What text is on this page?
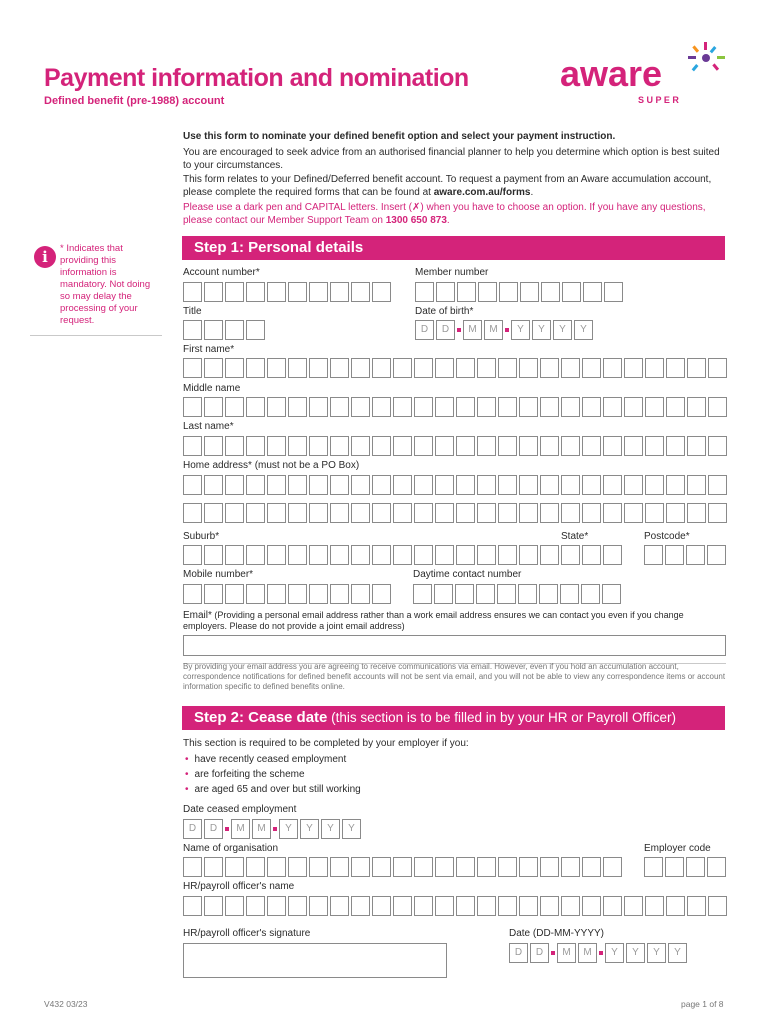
Payment information and nomination
Defined benefit (pre-1988) account
aware
S U P E R
Use this form to nominate your defined benefit option and select your payment instruction.
You are encouraged to seek advice from an authorised financial planner to help you determine which option is best suited to your circumstances.
This form relates to your Defined/Deferred benefit account. To request a payment from an Aware accumulation account, please complete the required forms that can be found at aware.com.au/forms.
Please use a dark pen and CAPITAL letters. Insert (✗) when you have to choose an option. If you have any questions, please contact our Member Support Team on 1300 650 873.
i	* Indicates that providing this information is mandatory. Not doing so may delay the processing of your request.
Step 1: Personal details
Account number*	Member number
Title	Date of birth*
D	D	M	M	Y	Y	Y	Y
First name*
Middle name
Last name*
Home address* (must not be a PO Box)
Suburb*	State*	Postcode*
Mobile number*	Daytime contact number
Email* (Providing a personal email address rather than a work email address ensures we can contact you even if you change employers. Please do not provide a joint email address)
By providing your email address you are agreeing to receive communications via email. However, even if you hold an accumulation account, correspondence notifications for defined benefit accounts will not be sent via email, and you will not be able to view any correspondence items or account information specific to defined benefits online.
Step 2: Cease date (this section is to be filled in by your HR or Payroll Officer)
This section is required to be completed by your employer if you:
• have recently ceased employment
• are forfeiting the scheme
• are aged 65 and over but still working
Date ceased employment
D	D	M	M	Y	Y	Y	Y
Name of organisation	Employer code
HR/payroll officer's name
HR/payroll officer's signature	Date (DD-MM-YYYY)
D	D	M	M	Y	Y	Y	Y
V432 03/23	page 1 of 8
